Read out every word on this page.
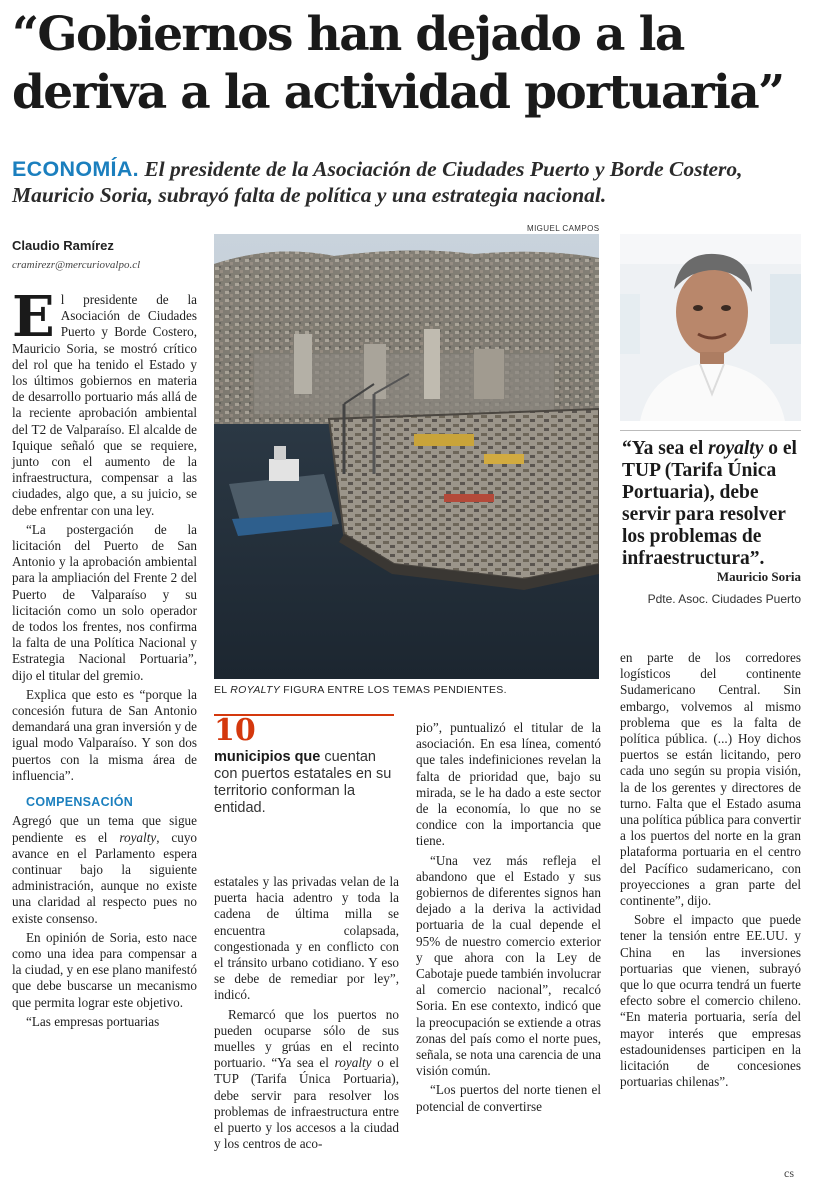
“Gobiernos han dejado a la deriva a la actividad portuaria”
ECONOMÍA. El presidente de la Asociación de Ciudades Puerto y Borde Costero, Mauricio Soria, subrayó falta de política y una estrategia nacional.
MIGUEL CAMPOS
Claudio Ramírez
cramirezr@mercuriovalpo.cl

El presidente de la Asociación de Ciudades Puerto y Borde Costero, Mauricio Soria, se mostró crítico del rol que ha tenido el Estado y los últimos gobiernos en materia de desarrollo portuario más allá de la reciente aprobación ambiental del T2 de Valparaíso. El alcalde de Iquique señaló que se requiere, junto con el aumento de la infraestructura, compensar a las ciudades, algo que, a su juicio, se debe enfrentar con una ley.

“La postergación de la licitación del Puerto de San Antonio y la aprobación ambiental para la ampliación del Frente 2 del Puerto de Valparaíso y su licitación como un solo operador de todos los frentes, nos confirma la falta de una Política Nacional y Estrategia Nacional Portuaria”, dijo el titular del gremio.

Explica que esto es “porque la concesión futura de San Antonio demandará una gran inversión y de igual modo Valparaíso. Y son dos puertos con la misma área de influencia”.

COMPENSACIÓN

Agregó que un tema que sigue pendiente es el royalty, cuyo avance en el Parlamento espera continuar bajo la siguiente administración, aunque no existe una claridad al respecto pues no existe consenso.

En opinión de Soria, esto nace como una idea para compensar a la ciudad, y en ese plano manifestó que debe buscarse un mecanismo que permita lograr este objetivo.

“Las empresas portuarias

EL ROYALTY FIGURA ENTRE LOS TEMAS PENDIENTES.
10
municipios que cuentan con puertos estatales en su territorio conforman la entidad.

estatales y las privadas velan de la puerta hacia adentro y toda la cadena de última milla se encuentra colapsada, congestionada y en conflicto con el tránsito urbano cotidiano. Y eso se debe de remediar por ley”, indicó.

Remarcó que los puertos no pueden ocuparse sólo de sus muelles y grúas en el recinto portuario. “Ya sea el royalty o el TUP (Tarifa Única Portuaria), debe servir para resolver los problemas de infraestructura entre el puerto y los accesos a la ciudad y los centros de aco-

pio”, puntualizó el titular de la asociación. En esa línea, comentó que tales indefiniciones revelan la falta de prioridad que, bajo su mirada, se le ha dado a este sector de la economía, lo que no se condice con la importancia que tiene.

“Una vez más refleja el abandono que el Estado y sus gobiernos de diferentes signos han dejado a la deriva la actividad portuaria de la cual depende el 95% de nuestro comercio exterior y que ahora con la Ley de Cabotaje puede también involucrar al comercio nacional”, recalcó Soria. En ese contexto, indicó que la preocupación se extiende a otras zonas del país como el norte pues, señala, se nota una carencia de una visión común.

“Los puertos del norte tienen el potencial de convertirse

“Ya sea el royalty o el TUP (Tarifa Única Portuaria), debe servir para resolver los problemas de infraestructura”.
Mauricio Soria
Pdte. Asoc. Ciudades Puerto

en parte de los corredores logísticos del continente Sudamericano Central. Sin embargo, volvemos al mismo problema que es la falta de política pública. (...) Hoy dichos puertos se están licitando, pero cada uno según su propia visión, la de los gerentes y directores de turno. Falta que el Estado asuma una política pública para convertir a los puertos del norte en la gran plataforma portuaria en el centro del Pacífico sudamericano, con proyecciones a gran parte del continente”, dijo.

Sobre el impacto que puede tener la tensión entre EE.UU. y China en las inversiones portuarias que vienen, subrayó que lo que ocurra tendrá un fuerte efecto sobre el comercio chileno. “En materia portuaria, sería del mayor interés que empresas estadounidenses participen en la licitación de concesiones portuarias chilenas”.

cs
